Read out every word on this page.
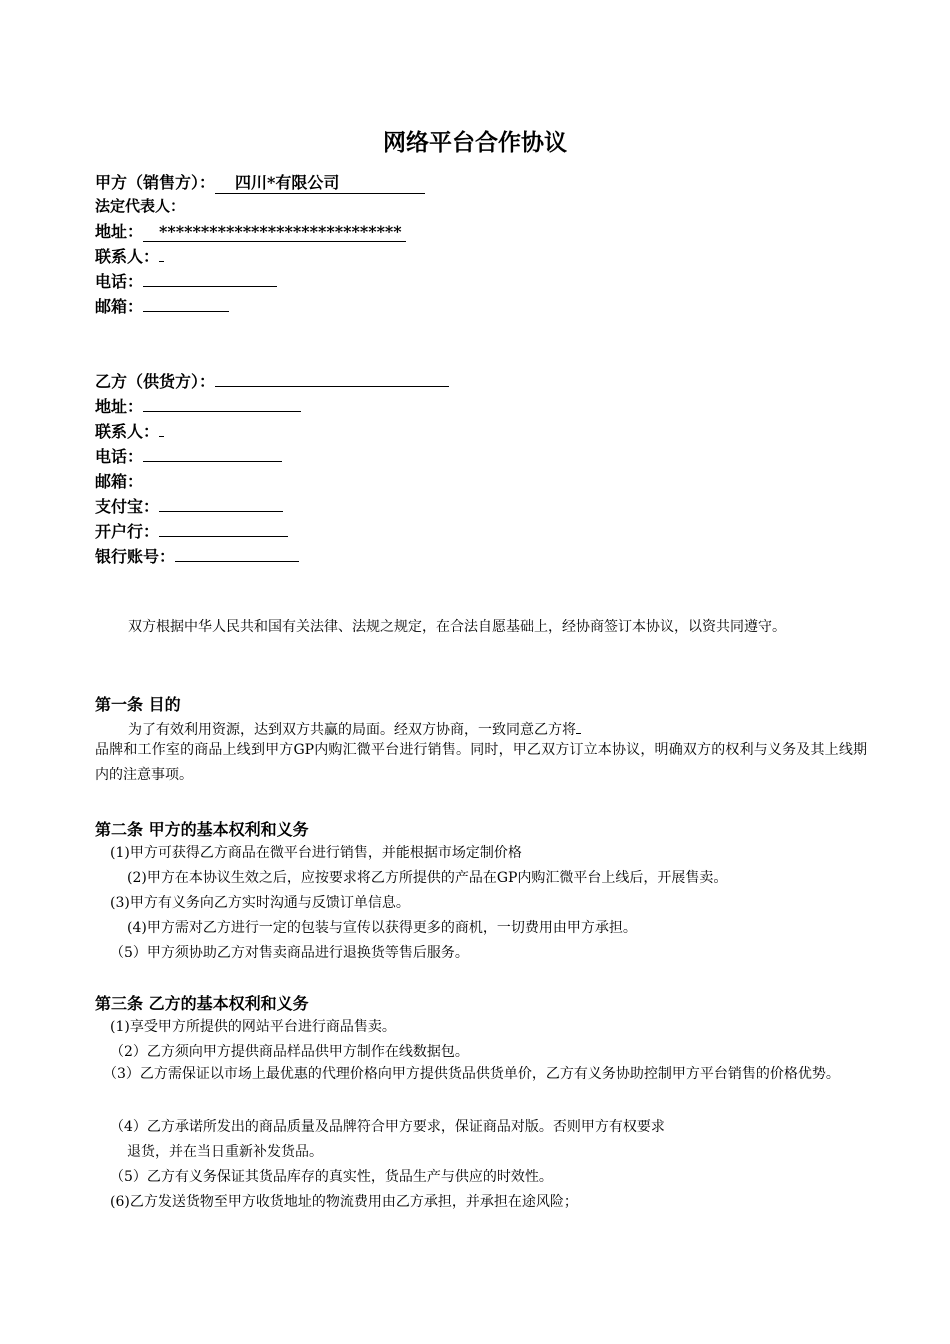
网络平台合作协议
甲方（销售方）： 四川*有限公司
法定代表人：
地址： *****************************
联系人：
电话：
邮箱：
乙方（供货方）：
地址：
联系人：
电话：
邮箱：
支付宝：
开户行：
银行账号：
双方根据中华人民共和国有关法律、法规之规定，在合法自愿基础上，经协商签订本协议，以资共同遵守。
第一条 目的
为了有效利用资源，达到双方共赢的局面。经双方协商，一致同意乙方将
品牌和工作室的商品上线到甲方GP内购汇微平台进行销售。同时，甲乙双方订立本协议，明确双方的权利与义务及其上线期内的注意事项。
第二条 甲方的基本权利和义务
(1)甲方可获得乙方商品在微平台进行销售，并能根据市场定制价格
(2)甲方在本协议生效之后，应按要求将乙方所提供的产品在GP内购汇微平台上线后，开展售卖。
(3)甲方有义务向乙方实时沟通与反馈订单信息。
(4)甲方需对乙方进行一定的包装与宣传以获得更多的商机，一切费用由甲方承担。
（5）甲方须协助乙方对售卖商品进行退换货等售后服务。
第三条 乙方的基本权利和义务
(1)享受甲方所提供的网站平台进行商品售卖。
（2）乙方须向甲方提供商品样品供甲方制作在线数据包。
（3）乙方需保证以市场上最优惠的代理价格向甲方提供货品供货单价，乙方有义务协助控制甲方平台销售的价格优势。
（4）乙方承诺所发出的商品质量及品牌符合甲方要求，保证商品对版。否则甲方有权要求
退货，并在当日重新补发货品。
（5）乙方有义务保证其货品库存的真实性，货品生产与供应的时效性。
(6)乙方发送货物至甲方收货地址的物流费用由乙方承担，并承担在途风险；
